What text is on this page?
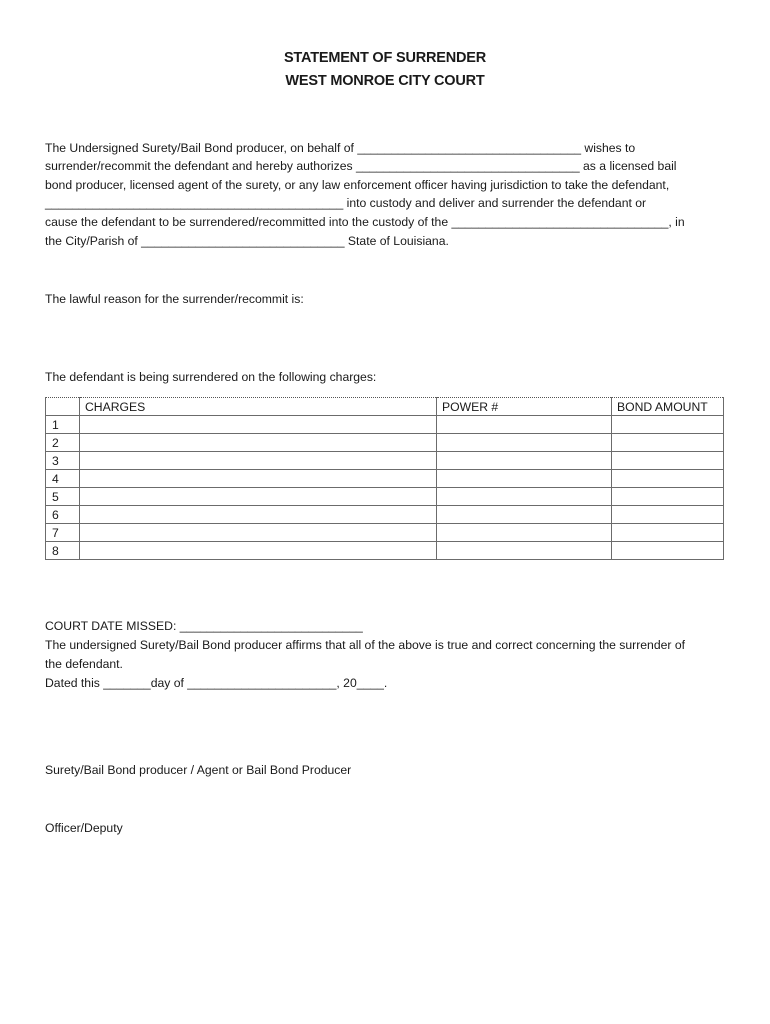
STATEMENT OF SURRENDER
WEST MONROE CITY COURT
The Undersigned Surety/Bail Bond producer, on behalf of _________________________________ wishes to
surrender/recommit the defendant and hereby authorizes _________________________________ as a licensed bail
bond producer, licensed agent of the surety, or any law enforcement officer having jurisdiction to take the defendant,
____________________________________________ into custody and deliver and surrender the defendant or
cause the defendant to be surrendered/recommitted into the custody of the ________________________________, in
the City/Parish of ______________________________ State of Louisiana.
The lawful reason for the surrender/recommit is:
The defendant is being surrendered on the following charges:
	CHARGES	POWER #	BOND AMOUNT
1			
2			
3			
4			
5			
6			
7			
8			
COURT DATE MISSED: ___________________________
The undersigned Surety/Bail Bond producer affirms that all of the above is true and correct concerning the surrender of
the defendant.
Dated this _______day of ______________________, 20____.
Surety/Bail Bond producer / Agent or Bail Bond Producer
Officer/Deputy
